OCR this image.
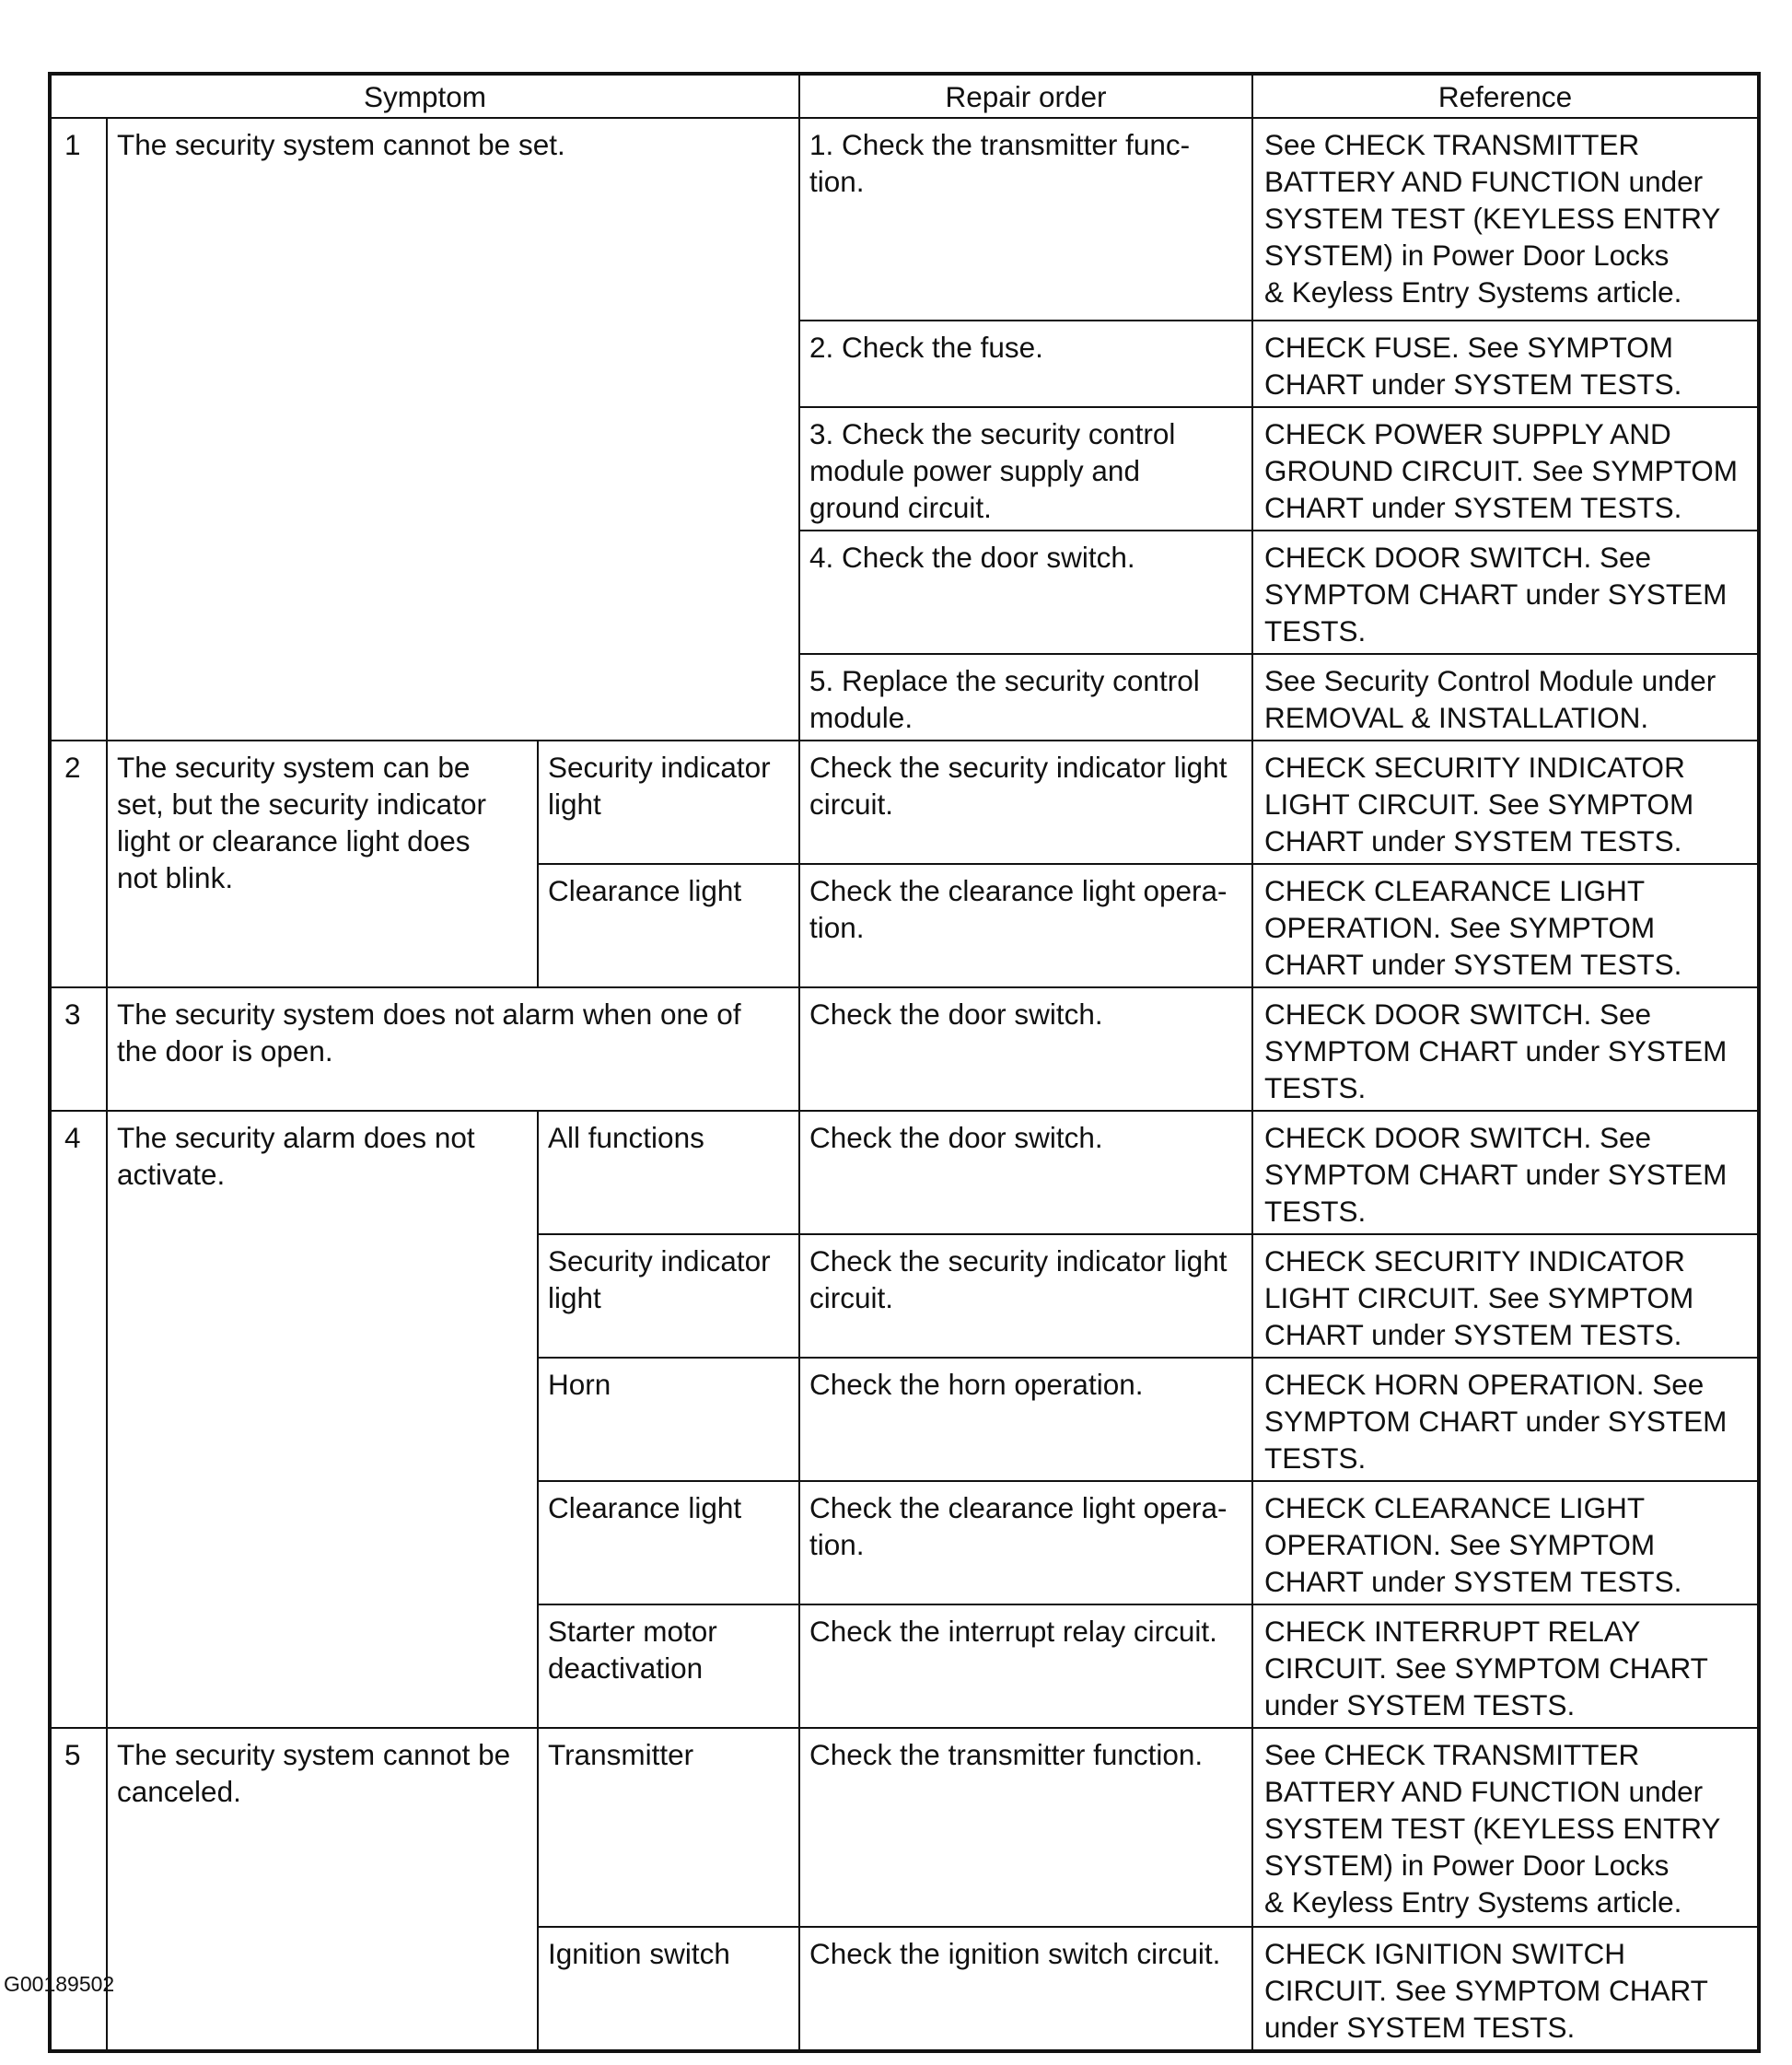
Symptom			Repair order	Reference
1	The security system cannot be set.		1. Check the transmitter func-
tion.	See CHECK TRANSMITTER
BATTERY AND FUNCTION under
SYSTEM TEST (KEYLESS ENTRY
SYSTEM) in Power Door Locks
& Keyless Entry Systems article.

			2. Check the fuse.	CHECK FUSE. See SYMPTOM
CHART under SYSTEM TESTS.

			3. Check the security control
module power supply and
ground circuit.	CHECK POWER SUPPLY AND
GROUND CIRCUIT. See SYMPTOM
CHART under SYSTEM TESTS.

			4. Check the door switch.	CHECK DOOR SWITCH. See
SYMPTOM CHART under SYSTEM
TESTS.

			5. Replace the security control
module.	See Security Control Module under
REMOVAL & INSTALLATION.

2	The security system can be
set, but the security indicator
light or clearance light does
not blink.	Security indicator
light	Check the security indicator light
circuit.	CHECK SECURITY INDICATOR
LIGHT CIRCUIT. See SYMPTOM
CHART under SYSTEM TESTS.

		Clearance light	Check the clearance light opera-
tion.	CHECK CLEARANCE LIGHT
OPERATION. See SYMPTOM
CHART under SYSTEM TESTS.

3	The security system does not alarm when one of
the door is open.		Check the door switch.	CHECK DOOR SWITCH. See
SYMPTOM CHART under SYSTEM
TESTS.

4	The security alarm does not
activate.	All functions	Check the door switch.	CHECK DOOR SWITCH. See
SYMPTOM CHART under SYSTEM
TESTS.

		Security indicator
light	Check the security indicator light
circuit.	CHECK SECURITY INDICATOR
LIGHT CIRCUIT. See SYMPTOM
CHART under SYSTEM TESTS.

		Horn	Check the horn operation.	CHECK HORN OPERATION. See
SYMPTOM CHART under SYSTEM
TESTS.

		Clearance light	Check the clearance light opera-
tion.	CHECK CLEARANCE LIGHT
OPERATION. See SYMPTOM
CHART under SYSTEM TESTS.

		Starter motor
deactivation	Check the interrupt relay circuit.	CHECK INTERRUPT RELAY
CIRCUIT. See SYMPTOM CHART
under SYSTEM TESTS.

5	The security system cannot be
canceled.	Transmitter	Check the transmitter function.	See CHECK TRANSMITTER
BATTERY AND FUNCTION under
SYSTEM TEST (KEYLESS ENTRY
SYSTEM) in Power Door Locks
& Keyless Entry Systems article.

		Ignition switch	Check the ignition switch circuit.	CHECK IGNITION SWITCH
CIRCUIT. See SYMPTOM CHART
under SYSTEM TESTS.
G00189502
